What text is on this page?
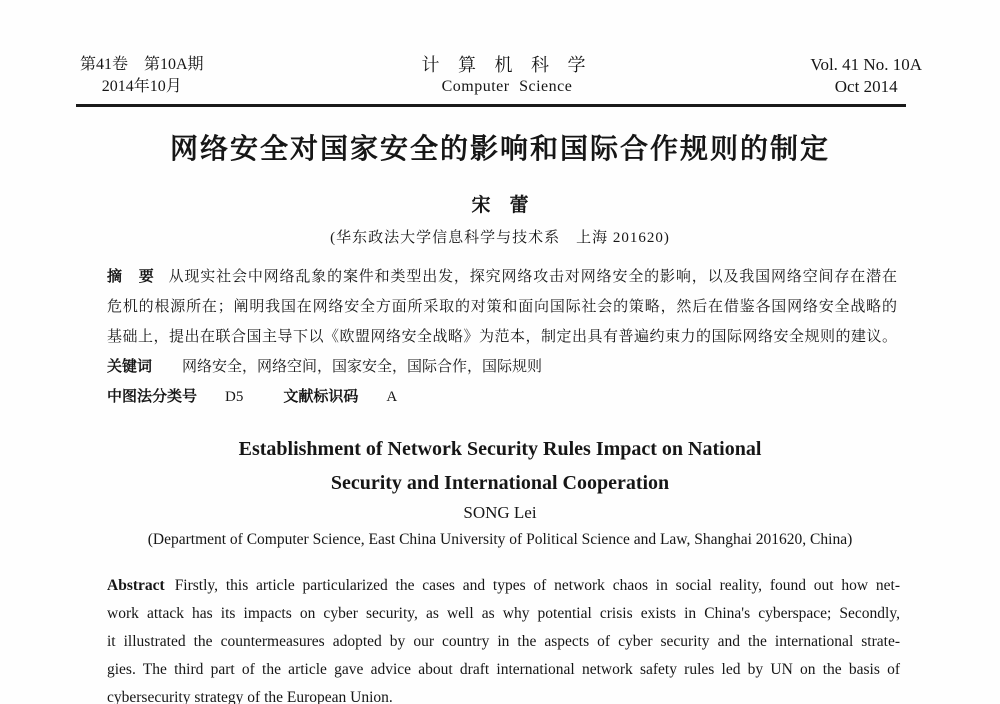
第41卷　第10A期
2014年10月
计 算 机 科 学
Computer Science
Vol. 41 No. 10A
Oct 2014
网络安全对国家安全的影响和国际合作规则的制定
宋　蕾
(华东政法大学信息科学与技术系　上海 201620)
摘　要 从现实社会中网络乱象的案件和类型出发，探究网络攻击对网络安全的影响，以及我国网络空间存在潜在
危机的根源所在；阐明我国在网络安全方面所采取的对策和面向国际社会的策略，然后在借鉴各国网络安全战略的
基础上，提出在联合国主导下以《欧盟网络安全战略》为范本，制定出具有普遍约束力的国际网络安全规则的建议。
关键词 网络安全，网络空间，国家安全，国际合作，国际规则
中图法分类号 D5	文献标识码 A
Establishment of Network Security Rules Impact on National
Security and International Cooperation
SONG Lei
(Department of Computer Science, East China University of Political Science and Law, Shanghai 201620, China)
Abstract Firstly, this article particularized the cases and types of network chaos in social reality, found out how net-
work attack has its impacts on cyber security, as well as why potential crisis exists in China's cyberspace; Secondly,
it illustrated the countermeasures adopted by our country in the aspects of cyber security and the international strate-
gies. The third part of the article gave advice about draft international network safety rules led by UN on the basis of
cybersecurity strategy of the European Union.
